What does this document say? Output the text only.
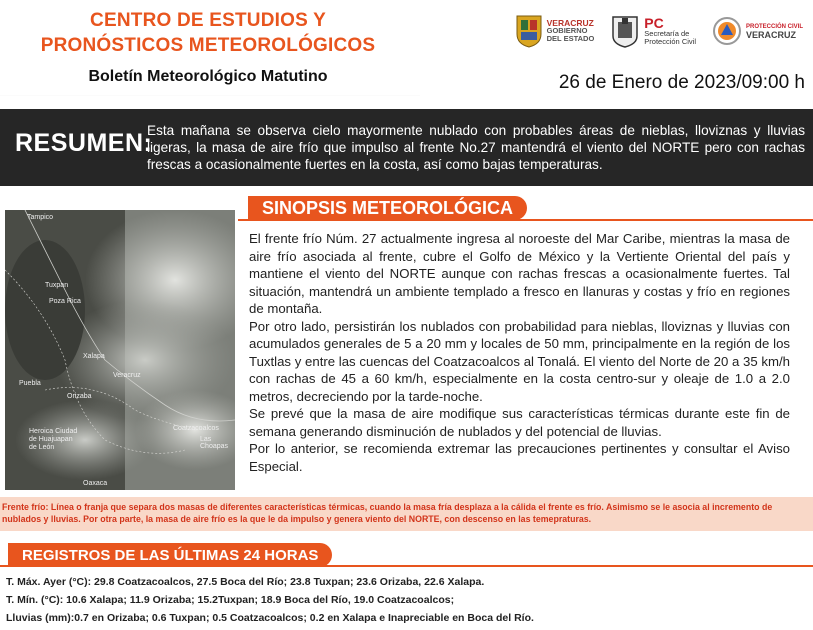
CENTRO DE ESTUDIOS Y
PRONÓSTICOS METEOROLÓGICOS
Boletín Meteorológico Matutino
VERACRUZ
GOBIERNO
DEL ESTADO
PC
Secretaría de
Protección Civil
PROTECCIÓN CIVIL
VERACRUZ
26 de Enero de 2023/09:00 h
RESUMEN:
Esta mañana se observa cielo mayormente nublado con probables áreas de nieblas, lloviznas y lluvias ligeras, la masa de aire frío que impulso al frente No.27 mantendrá el viento del NORTE pero con rachas frescas a ocasionalmente fuertes en la costa, así como bajas temperaturas.
Tampico
Tuxpan
Poza Rica
Xalapa
Puebla
Veracruz
Orizaba
Heroica Ciudad de Huajuapan de León
Coatzacoalcos
Las Choapas
Oaxaca
SINOPSIS METEOROLÓGICA

El frente frío Núm. 27 actualmente ingresa al noroeste del Mar Caribe, mientras la masa de aire frío asociada al frente, cubre el Golfo de México y la Vertiente Oriental del país y mantiene el viento del NORTE aunque con rachas frescas a ocasionalmente fuertes. Tal situación, mantendrá un ambiente templado a fresco en llanuras y costas y frío en regiones de montaña.

Por otro lado, persistirán los nublados con probabilidad para nieblas, lloviznas y lluvias con acumulados generales de 5 a 20 mm y locales de 50 mm, principalmente en la región de los Tuxtlas y entre las cuencas del Coatzacoalcos al Tonalá. El viento del Norte de 20 a 35 km/h con rachas de 45 a 60 km/h, especialmente en la costa centro-sur y oleaje de 1.0 a 2.0 metros, decreciendo por la tarde-noche.

Se prevé que la masa de aire modifique sus características térmicas durante este fin de semana generando disminución de nublados y del potencial de lluvias.

Por lo anterior, se recomienda extremar las precauciones pertinentes y consultar el Aviso Especial.

Frente frío: Línea o franja que separa dos masas de diferentes características térmicas, cuando la masa fría desplaza a la cálida el frente es frío. Asimismo se le asocia al incremento de nublados y lluvias. Por otra parte, la masa de aire frío es la que le da impulso y genera viento del NORTE, con descenso en las temepraturas.
REGISTROS DE LAS ÚLTIMAS 24 HORAS
T. Máx. Ayer (°C): 29.8 Coatzacoalcos, 27.5 Boca del Río; 23.8 Tuxpan; 23.6 Orizaba, 22.6 Xalapa.
T. Mín. (°C): 10.6 Xalapa; 11.9 Orizaba; 15.2Tuxpan; 18.9 Boca del Río, 19.0 Coatzacoalcos;
Lluvias (mm):0.7 en Orizaba; 0.6 Tuxpan; 0.5 Coatzacoalcos; 0.2 en Xalapa e Inapreciable en Boca del Río.
